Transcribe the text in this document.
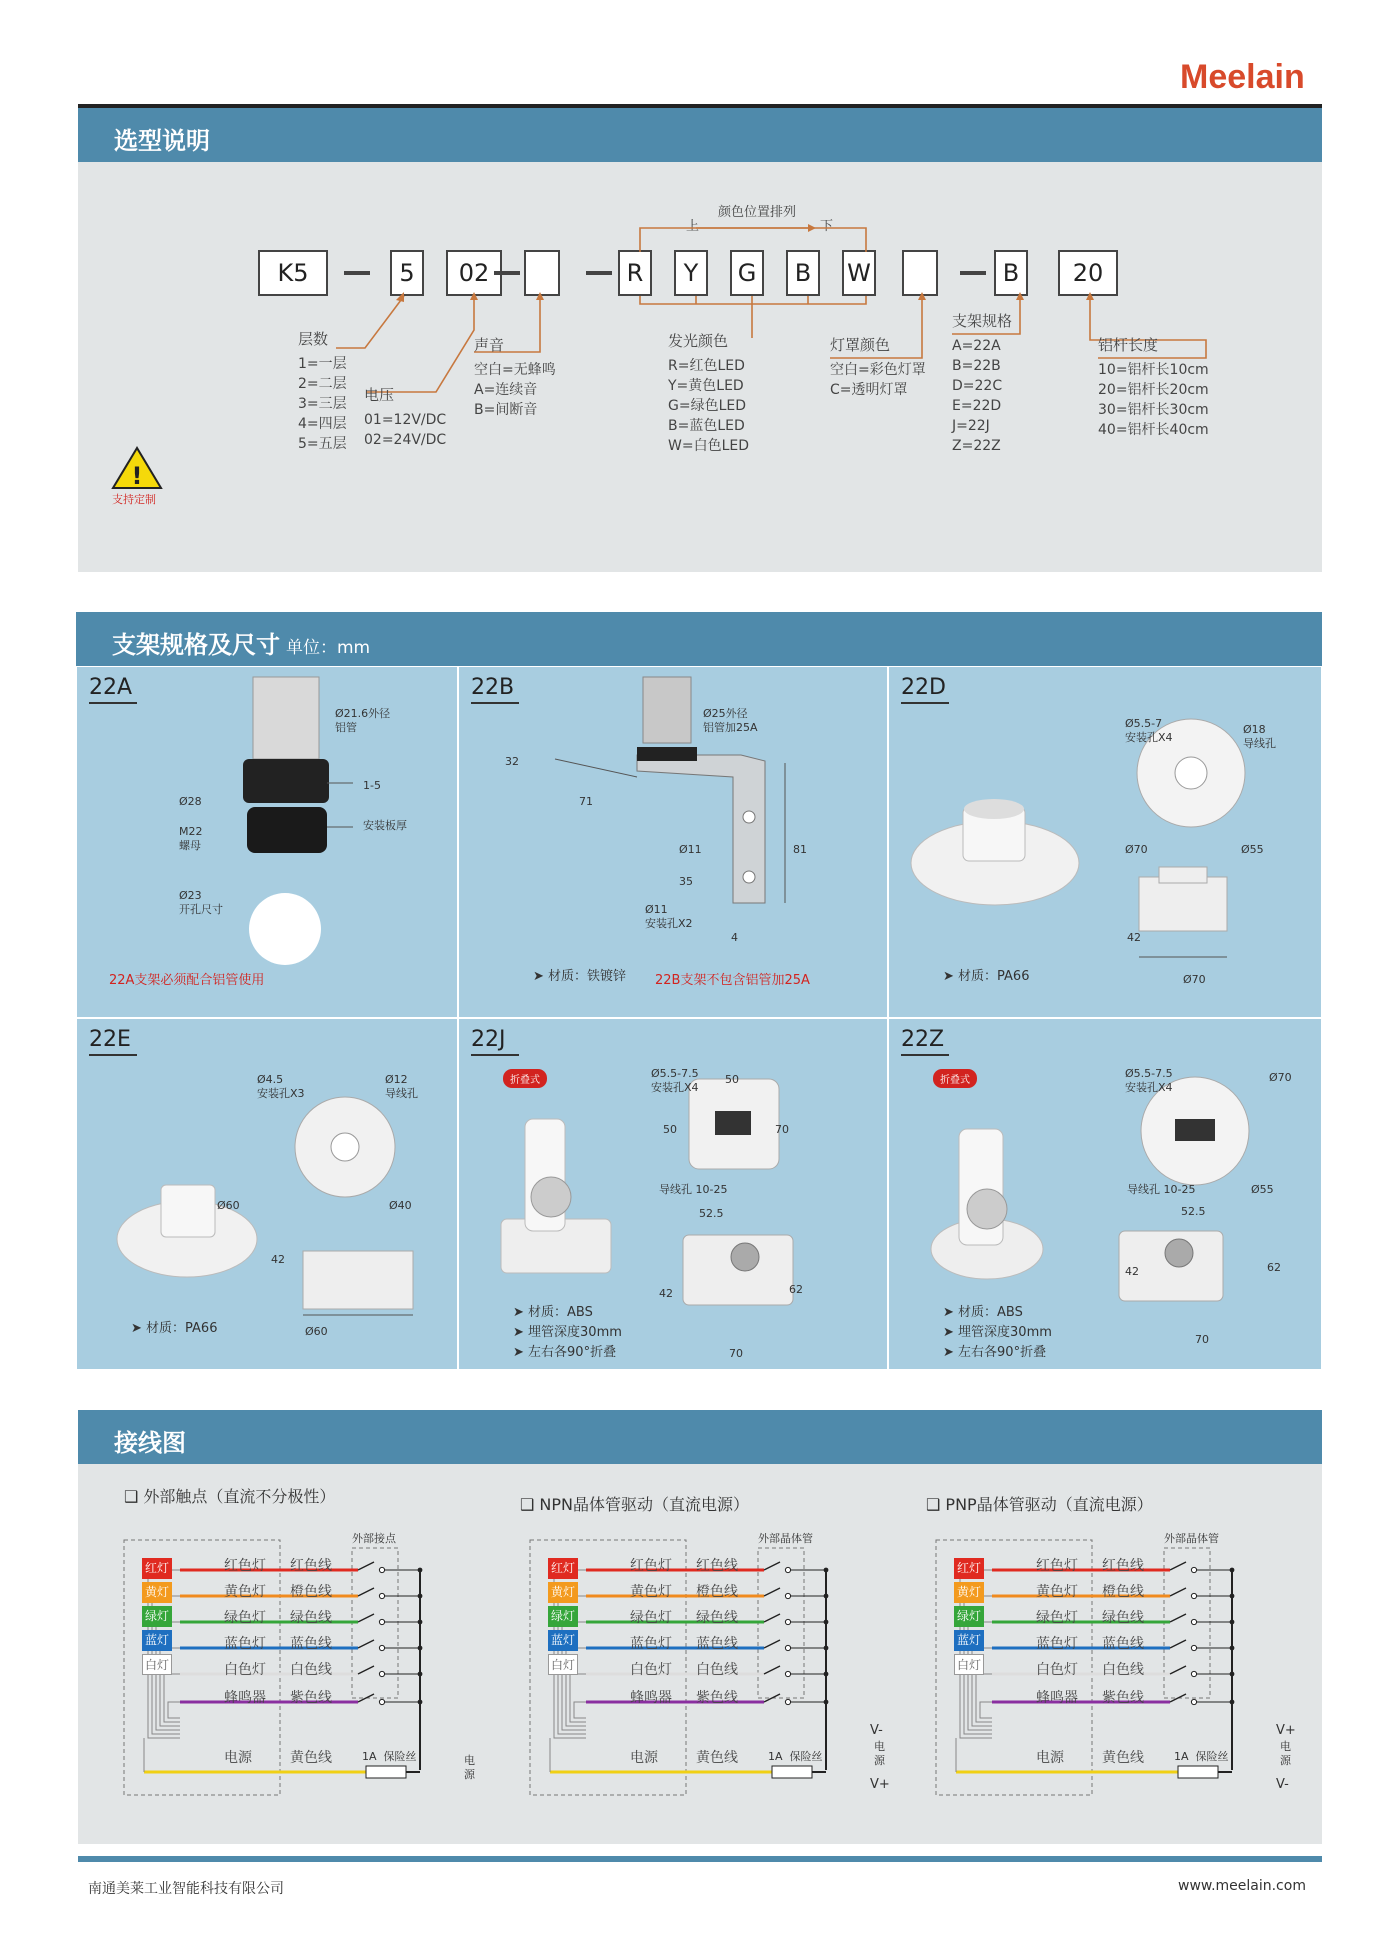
Meelain
选型说明
K5	5	02	R	Y	G	B	W	B	20
颜色位置排列
上	下
!
支持定制
层数
1=一层
2=二层
3=三层
4=四层
5=五层
电压
01=12V/DC
02=24V/DC
声音
空白=无蜂鸣
A=连续音
B=间断音
发光颜色
R=红色LED
Y=黄色LED
G=绿色LED
B=蓝色LED
W=白色LED
灯罩颜色
空白=彩色灯罩
C=透明灯罩
支架规格
A=22A
B=22B
D=22C
E=22D
J=22J
Z=22Z
铝杆长度
10=铝杆长10cm
20=铝杆长20cm
30=铝杆长30cm
40=铝杆长40cm
支架规格及尺寸 单位：mm
22A
Ø21.6外径
铝管
Ø28
1-5
M22
螺母
安装板厚
Ø23
开孔尺寸
22A支架必须配合铝管使用
22B
Ø25外径
铝管加25A
32
71
Ø11
35
Ø11
安装孔X2
4
81
➤ 材质：铁镀锌 22B支架不包含铝管加25A
22D
Ø5.5-7
安装孔X4
Ø18
导线孔
Ø70	Ø55
42
Ø70
➤ 材质：PA66
22E
Ø4.5
安装孔X3
Ø12
导线孔
Ø60	Ø40
42
Ø60
➤ 材质：PA66
22J
折叠式
Ø5.5-7.5
安装孔X4
50
50	70
导线孔 10-25
52.5
42	62
70
➤ 材质：ABS
➤ 埋管深度30mm
➤ 左右各90°折叠
22Z
折叠式
Ø5.5-7.5
安装孔X4
Ø70
导线孔 10-25	Ø55
52.5
42	62
70
➤ 材质：ABS
➤ 埋管深度30mm
➤ 左右各90°折叠
接线图
❑ 外部触点（直流不分极性）
红灯
黄灯
绿灯
蓝灯
白灯
红色灯 红色线
黄色灯 橙色线
绿色灯 绿色线
蓝色灯 蓝色线
白色灯 白色线
蜂鸣器 紫色线
外部接点
电源	黄色线	1A  保险丝	电
源
❑ NPN晶体管驱动（直流电源）
红灯
黄灯
绿灯
蓝灯
白灯
红色灯 红色线
黄色灯 橙色线
绿色灯 绿色线
蓝色灯 蓝色线
白色灯 白色线
蜂鸣器 紫色线
外部晶体管
电源	黄色线	1A  保险丝
电
源
V-
V+
❑ PNP晶体管驱动（直流电源）
红灯
黄灯
绿灯
蓝灯
白灯
红色灯 红色线
黄色灯 橙色线
绿色灯 绿色线
蓝色灯 蓝色线
白色灯 白色线
蜂鸣器 紫色线
外部晶体管
电源	黄色线	1A  保险丝
电
源
V+
V-
南通美莱工业智能科技有限公司	www.meelain.com
